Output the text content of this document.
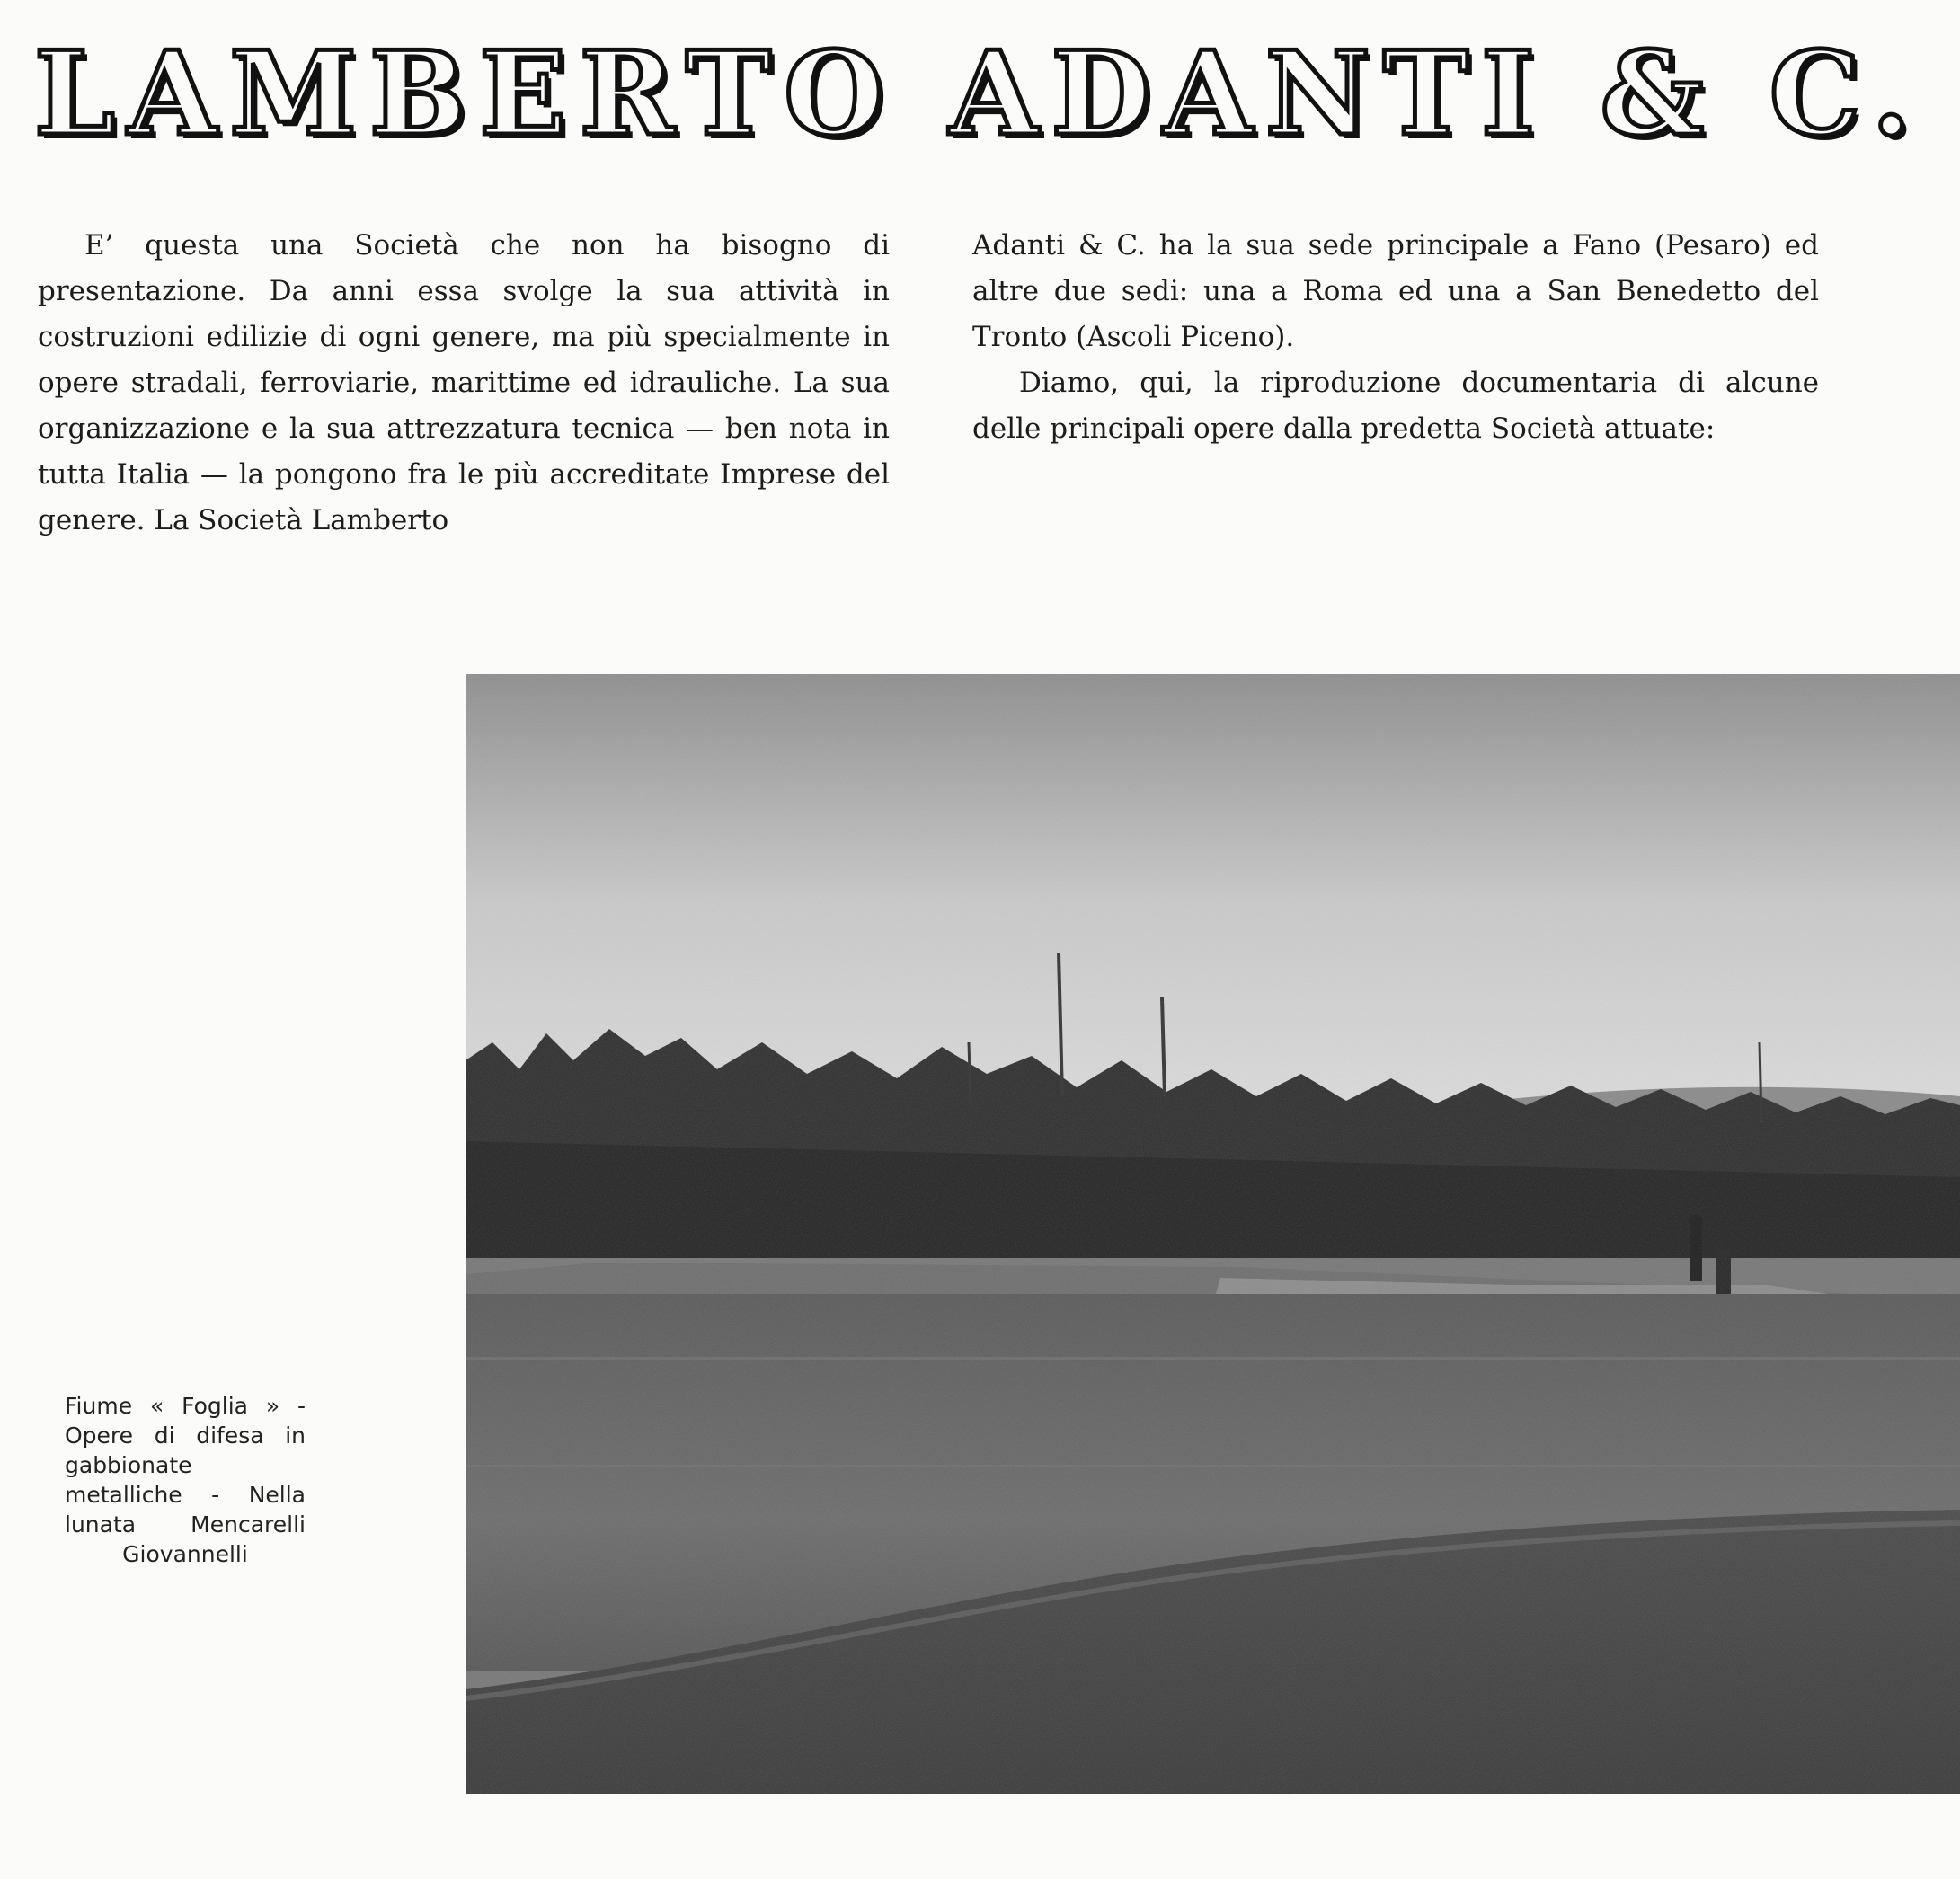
LAMBERTO ADANTI & C.

E’ questa una Società che non ha bisogno di presentazione. Da anni essa svolge la sua attività in costruzioni edilizie di ogni genere, ma più specialmente in opere stradali, ferroviarie, marittime ed idrauliche. La sua organizzazione e la sua attrezzatura tecnica — ben nota in tutta Italia — la pongono fra le più accreditate Imprese del genere. La Società Lamberto

Adanti & C. ha la sua sede principale a Fano (Pesaro) ed altre due sedi: una a Roma ed una a San Benedetto del Tronto (Ascoli Piceno).

Diamo, qui, la riproduzione documentaria di alcune delle principali opere dalla predetta Società attuate:

Fiume « Foglia » - Opere di difesa in gabbionate metalliche - Nella lunata Mencarelli Giovannelli
